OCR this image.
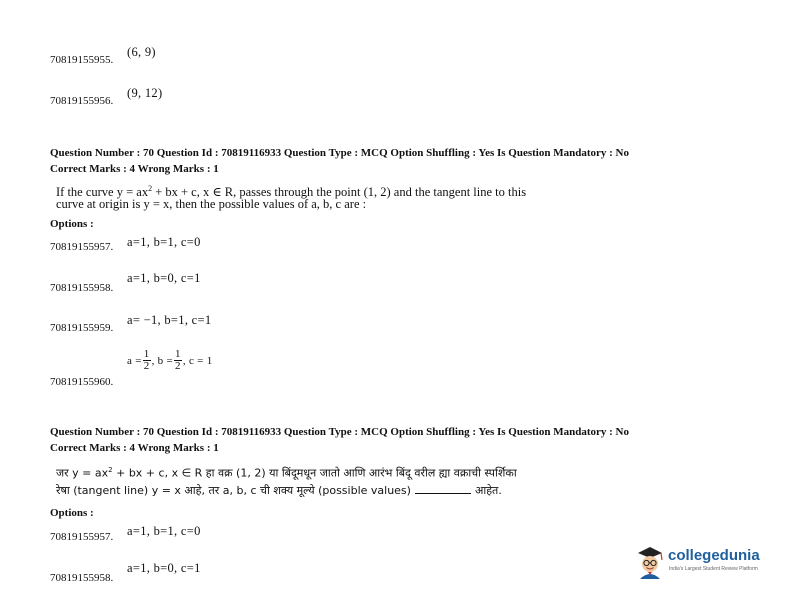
70819155955.
(6, 9)
70819155956.
(9, 12)
Question Number : 70 Question Id : 70819116933 Question Type : MCQ Option Shuffling : Yes Is Question Mandatory : No
Correct Marks : 4 Wrong Marks : 1
If the curve $y = ax^2$ + bx + c, x ∈ R, passes through the point (1, 2) and the tangent line to this
curve at origin is y = x, then the possible values of a, b, c are :
Options :
70819155957. a=1, b=1, c=0
70819155958.
a=1, b=0, c=1
70819155959.
a= −1, b=1, c=1
70819155960.
$a = \frac{1}{2}$ , $b = \frac{1}{2}$ , c = 1
Question Number : 70 Question Id : 70819116933 Question Type : MCQ Option Shuffling : Yes Is Question Mandatory : No
Correct Marks : 4 Wrong Marks : 1
जर $y = ax^2$ + bx + c, x ∈ R हा वक्र (1, 2) या बिंदूमधून जातो आणि आरंभ बिंदू वरील ह्या वक्राची स्पर्शिका
रेषा (tangent line) y = x आहे, तर a, b, c ची शक्य मूल्ये (possible values)	आहेत.
Options :
70819155957. a=1, b=1, c=0
70819155958.
a=1, b=0, c=1
collegedunia
India's Largest Student Review Platform
